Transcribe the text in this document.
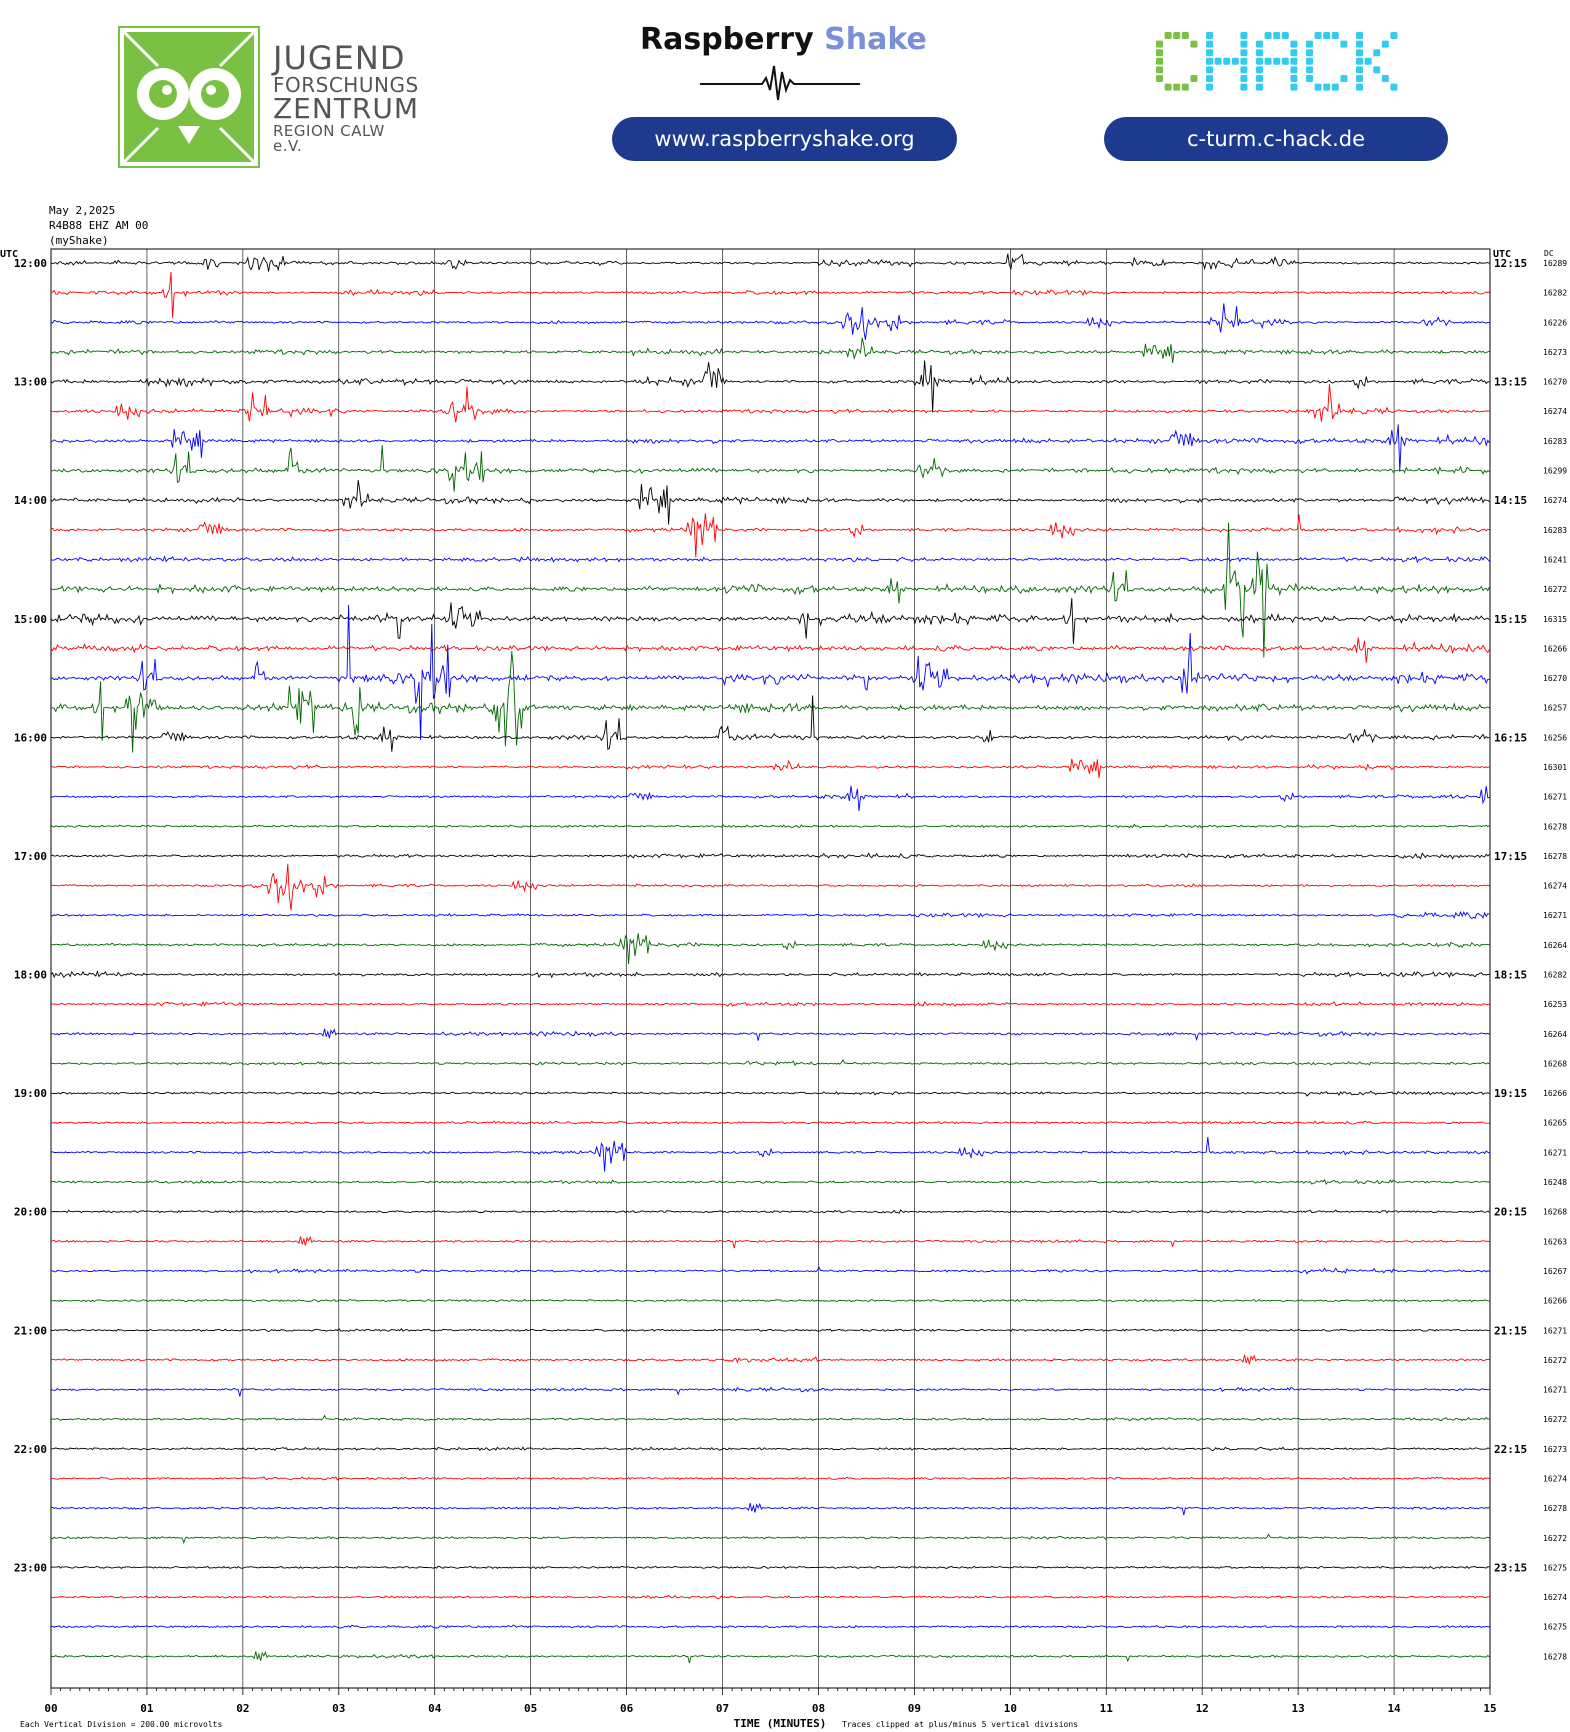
JUGEND
FORSCHUNGS
ZENTRUM
REGION CALW e.V.
Raspberry Shake
www.raspberryshake.org	c-turm.c-hack.de
May 2,2025
R4B88 EHZ AM 00
(myShake)
UTC	UTC	DC
00	01	02	03	04	05	06	07	08	09	10	11	12	13	14	15
12:00
13:00
14:00
15:00
16:00
17:00
18:00
19:00
20:00
21:00
22:00
23:00
12:15
13:15
14:15
15:15
16:15
17:15
18:15
19:15
20:15
21:15
22:15
23:15
16289
16282
16226
16273
16270
16274
16283
16299
16274
16283
16241
16272
16315
16266
16270
16257
16256
16301
16271
16278
16278
16274
16271
16264
16282
16253
16264
16268
16266
16265
16271
16248
16268
16263
16267
16266
16271
16272
16271
16272
16273
16274
16278
16272
16275
16274
16275
16278
TIME (MINUTES)
Each Vertical Division = 200.00 microvolts	Traces clipped at plus/minus 5 vertical divisions
